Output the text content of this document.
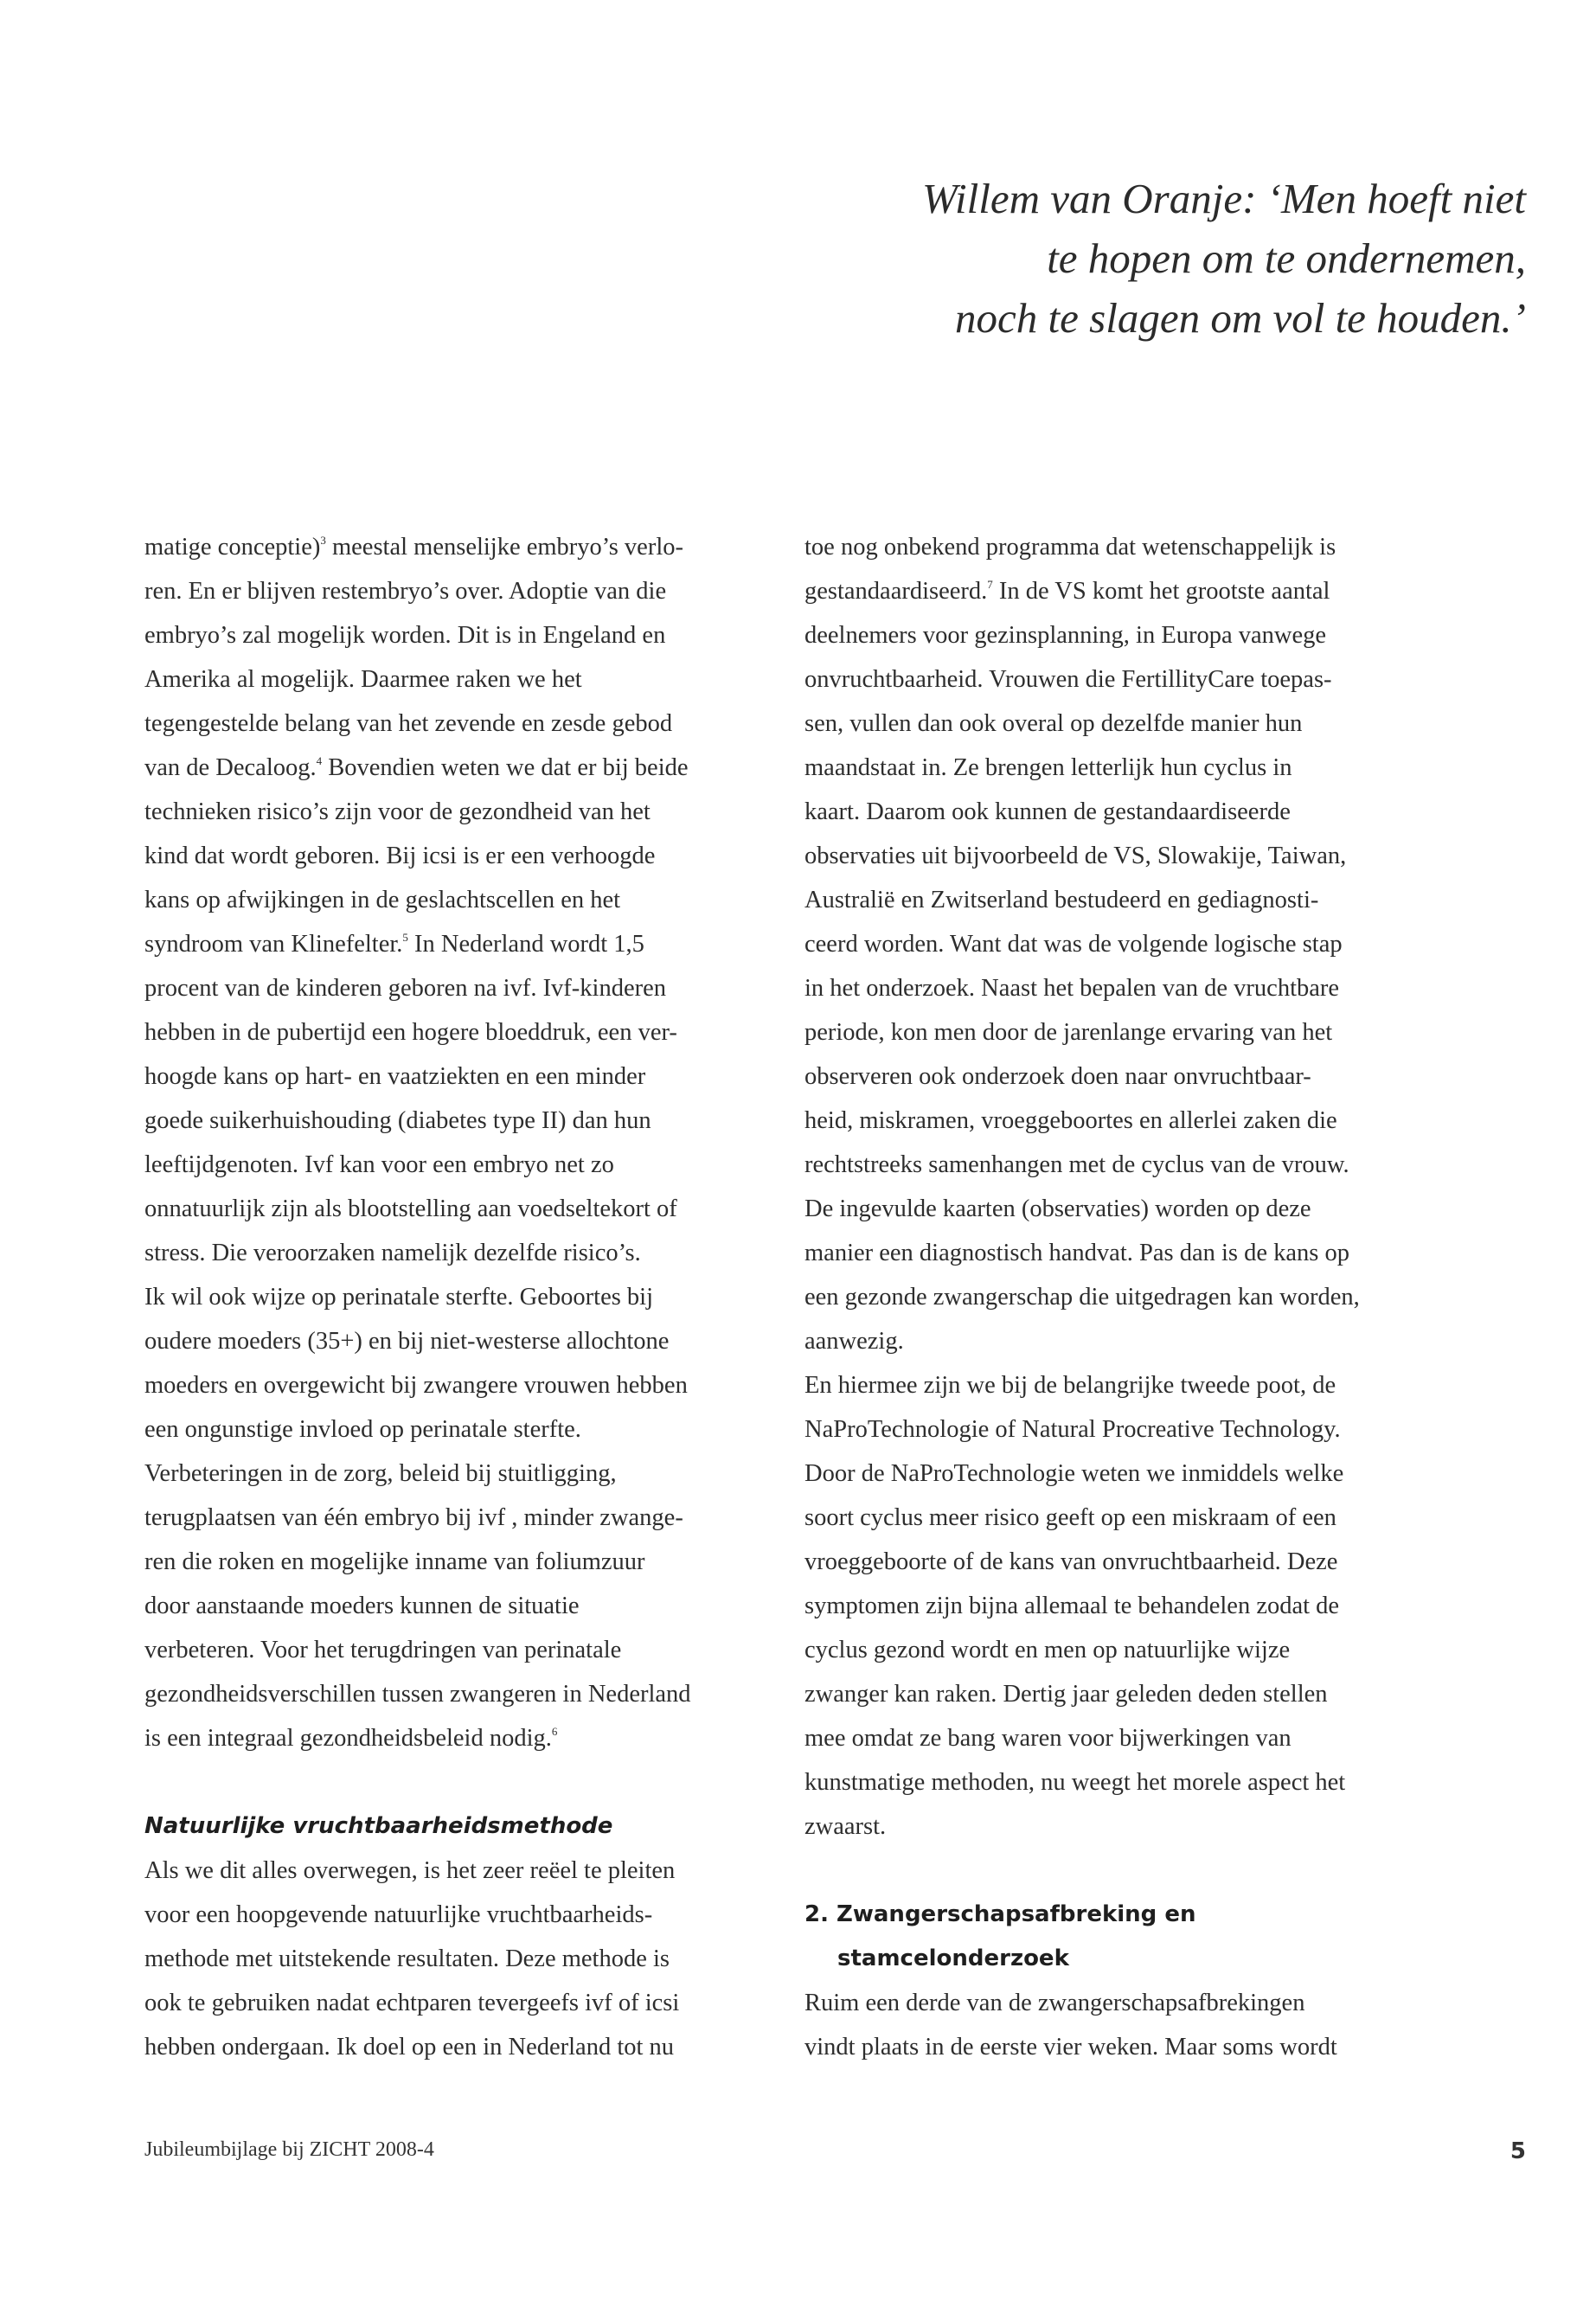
Willem van Oranje: ‘Men hoeft niet
te hopen om te ondernemen,
noch te slagen om vol te houden.’
matige conceptie)$^3$ meestal menselijke embryo’s verlo-
ren. En er blijven restembryo’s over. Adoptie van die
embryo’s zal mogelijk worden. Dit is in Engeland en
Amerika al mogelijk. Daarmee raken we het
tegengestelde belang van het zevende en zesde gebod
van de Decaloog.$^4$ Bovendien weten we dat er bij beide
technieken risico’s zijn voor de gezondheid van het
kind dat wordt geboren. Bij icsi is er een verhoogde
kans op afwijkingen in de geslachtscellen en het
syndroom van Klinefelter.$^5$ In Nederland wordt 1,5
procent van de kinderen geboren na ivf. Ivf-kinderen
hebben in de pubertijd een hogere bloeddruk, een ver-
hoogde kans op hart- en vaatziekten en een minder
goede suikerhuishouding (diabetes type II) dan hun
leeftijdgenoten. Ivf kan voor een embryo net zo
onnatuurlijk zijn als blootstelling aan voedseltekort of
stress. Die veroorzaken namelijk dezelfde risico’s.
Ik wil ook wijze op perinatale sterfte. Geboortes bij
oudere moeders (35+) en bij niet-westerse allochtone
moeders en overgewicht bij zwangere vrouwen hebben
een ongunstige invloed op perinatale sterfte.
Verbeteringen in de zorg, beleid bij stuitligging,
terugplaatsen van één embryo bij ivf , minder zwange-
ren die roken en mogelijke inname van foliumzuur
door aanstaande moeders kunnen de situatie
verbeteren. Voor het terugdringen van perinatale
gezondheidsverschillen tussen zwangeren in Nederland
is een integraal gezondheidsbeleid nodig.$^6$
Natuurlijke vruchtbaarheidsmethode
Als we dit alles overwegen, is het zeer reëel te pleiten
voor een hoopgevende natuurlijke vruchtbaarheids-
methode met uitstekende resultaten. Deze methode is
ook te gebruiken nadat echtparen tevergeefs ivf of icsi
hebben ondergaan. Ik doel op een in Nederland tot nu
toe nog onbekend programma dat wetenschappelijk is
gestandaardiseerd.$^7$ In de VS komt het grootste aantal
deelnemers voor gezinsplanning, in Europa vanwege
onvruchtbaarheid. Vrouwen die FertillityCare toepas-
sen, vullen dan ook overal op dezelfde manier hun
maandstaat in. Ze brengen letterlijk hun cyclus in
kaart. Daarom ook kunnen de gestandaardiseerde
observaties uit bijvoorbeeld de VS, Slowakije, Taiwan,
Australië en Zwitserland bestudeerd en gediagnosti-
ceerd worden. Want dat was de volgende logische stap
in het onderzoek. Naast het bepalen van de vruchtbare
periode, kon men door de jarenlange ervaring van het
observeren ook onderzoek doen naar onvruchtbaar-
heid, miskramen, vroeggeboortes en allerlei zaken die
rechtstreeks samenhangen met de cyclus van de vrouw.
De ingevulde kaarten (observaties) worden op deze
manier een diagnostisch handvat. Pas dan is de kans op
een gezonde zwangerschap die uitgedragen kan worden,
aanwezig.
En hiermee zijn we bij de belangrijke tweede poot, de
NaProTechnologie of Natural Procreative Technology.
Door de NaProTechnologie weten we inmiddels welke
soort cyclus meer risico geeft op een miskraam of een
vroeggeboorte of de kans van onvruchtbaarheid. Deze
symptomen zijn bijna allemaal te behandelen zodat de
cyclus gezond wordt en men op natuurlijke wijze
zwanger kan raken. Dertig jaar geleden deden stellen
mee omdat ze bang waren voor bijwerkingen van
kunstmatige methoden, nu weegt het morele aspect het
zwaarst.
2. Zwangerschapsafbreking en
stamcelonderzoek
Ruim een derde van de zwangerschapsafbrekingen
vindt plaats in de eerste vier weken. Maar soms wordt
Jubileumbijlage bij ZICHT 2008-4	5
